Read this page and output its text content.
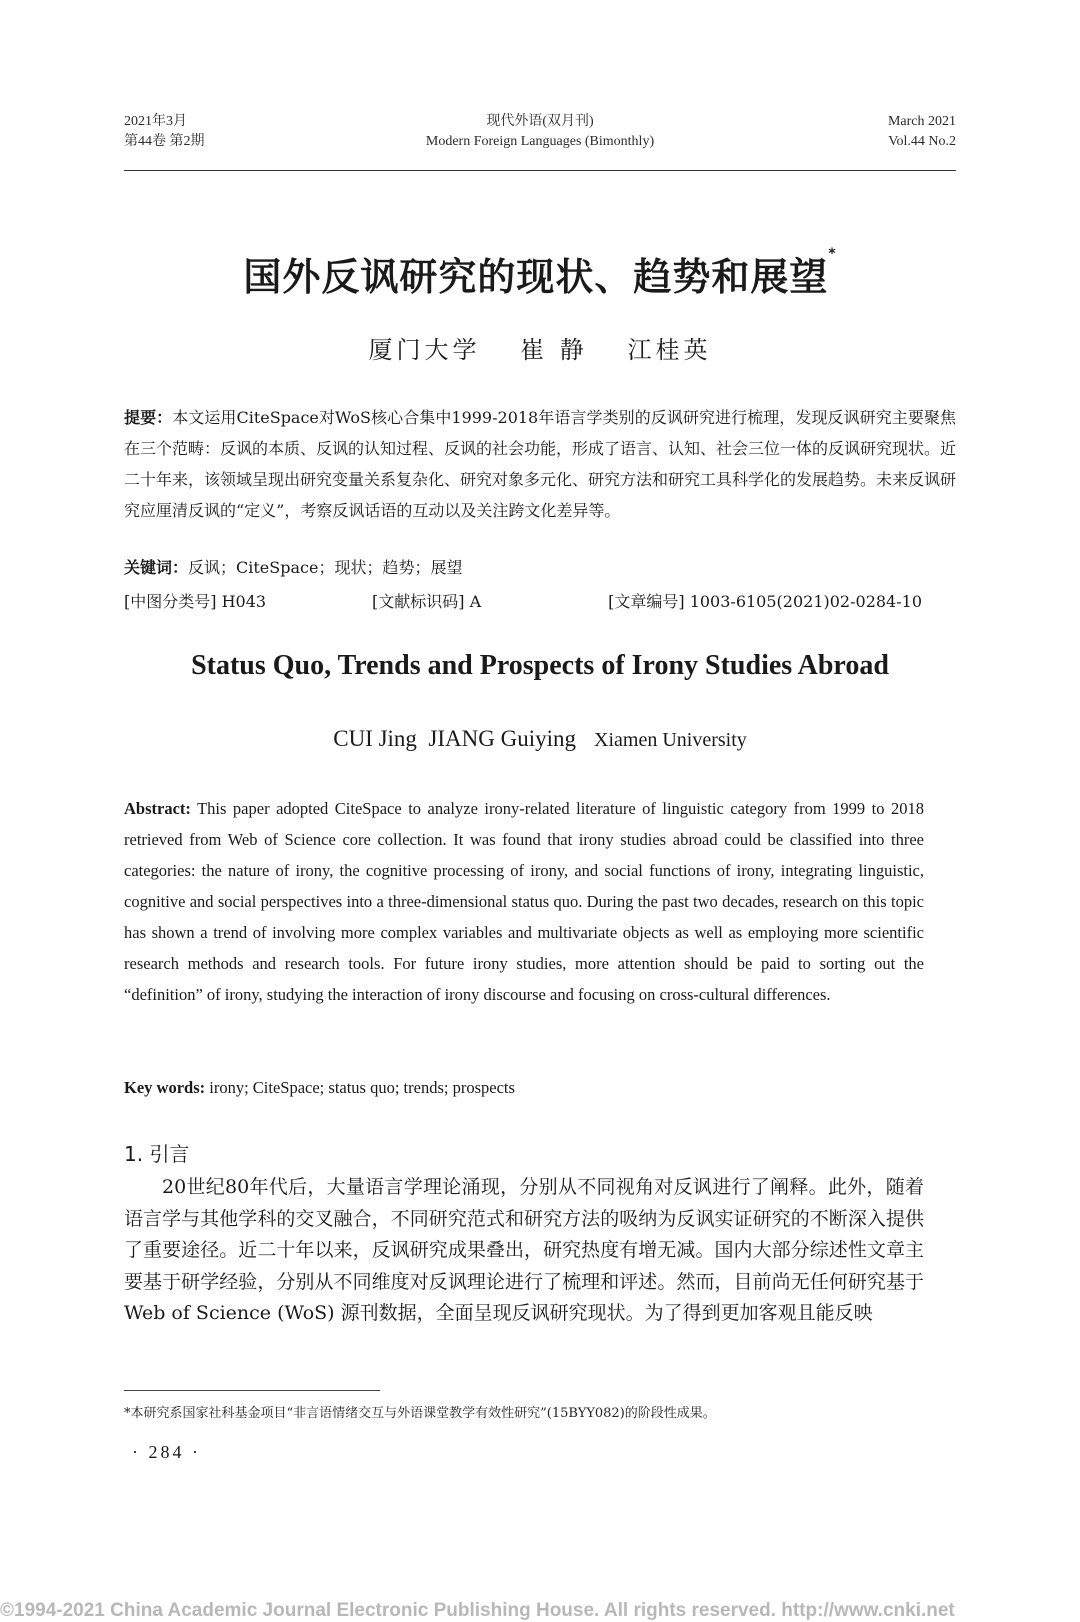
2021年3月
第44卷 第2期
现代外语(双月刊)
Modern Foreign Languages (Bimonthly)
March 2021
Vol.44 No.2
国外反讽研究的现状、趋势和展望*
厦门大学 崔 静 江桂英
提要：本文运用CiteSpace对WoS核心合集中1999-2018年语言学类别的反讽研究进行梳理，发现反讽研究主要聚焦在三个范畴：反讽的本质、反讽的认知过程、反讽的社会功能，形成了语言、认知、社会三位一体的反讽研究现状。近二十年来，该领域呈现出研究变量关系复杂化、研究对象多元化、研究方法和研究工具科学化的发展趋势。未来反讽研究应厘清反讽的“定义”，考察反讽话语的互动以及关注跨文化差异等。
关键词：反讽；CiteSpace；现状；趋势；展望
[中图分类号] H043	[文献标识码] A	[文章编号] 1003-6105(2021)02-0284-10
Status Quo, Trends and Prospects of Irony Studies Abroad
CUI Jing  JIANG Guiying Xiamen University
Abstract: This paper adopted CiteSpace to analyze irony-related literature of linguistic category from 1999 to 2018 retrieved from Web of Science core collection. It was found that irony studies abroad could be classified into three categories: the nature of irony, the cognitive processing of irony, and social functions of irony, integrating linguistic, cognitive and social perspectives into a three-dimensional status quo. During the past two decades, research on this topic has shown a trend of involving more complex variables and multivariate objects as well as employing more scientific research methods and research tools. For future irony studies, more attention should be paid to sorting out the “definition” of irony, studying the interaction of irony discourse and focusing on cross-cultural differences.
Key words: irony; CiteSpace; status quo; trends; prospects
1. 引言
20世纪80年代后，大量语言学理论涌现，分别从不同视角对反讽进行了阐释。此外，随着语言学与其他学科的交叉融合，不同研究范式和研究方法的吸纳为反讽实证研究的不断深入提供了重要途径。近二十年以来，反讽研究成果叠出，研究热度有增无减。国内大部分综述性文章主要基于研学经验，分别从不同维度对反讽理论进行了梳理和评述。然而，目前尚无任何研究基于Web of Science (WoS) 源刊数据，全面呈现反讽研究现状。为了得到更加客观且能反映
*本研究系国家社科基金项目“非言语情绪交互与外语课堂教学有效性研究”(15BYY082)的阶段性成果。
· 284 ·
©1994-2021 China Academic Journal Electronic Publishing House. All rights reserved. http://www.cnki.net
